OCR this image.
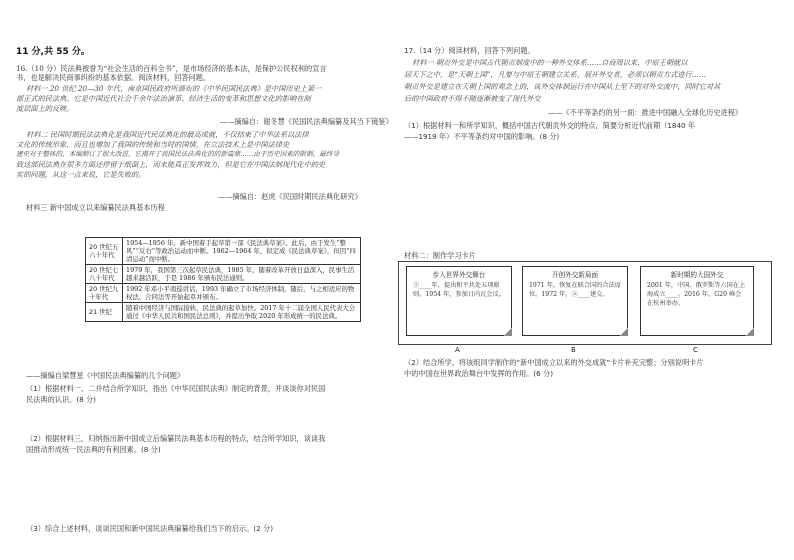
11 分,共 55 分。
16.（10 分）民法典被誉为“社会生活的百科全书”，是市场经济的基本法，是保护公民权利的宣言
书，也是解决民商事纠纷的基本依据。阅读材料，回答问题。
材料一 20 世纪 20—30 年代，南京国民政府所颁布的《中华民国民法典》是中国历史上第一
部正式的民法典。它是中国近代社会千余年法治演革、经济生活的变革和思想文化的影响在制
度层面上的反映。
——摘编自：谢冬慧《民国民法典编纂及其当下镜鉴》
材料二 民国时期民法法典化是我国近代民法典化的最高成就，不仅结束了中华法系以法律
文化的传统形象，而且也增加了我国的传统和当时的国情，在立法技术上是中国法律史
建史对于整体的，本编制订了很大改进，它揭开了我国民法法典化的的新篇章……由于历史因素的限制，最终导
致这部民法典在很多方面还停留于纸面上，而未能真正发挥效力，但是它在中国法制现代化中的史
实的问题，从这一点来说，它是失败的。
——摘编自：赵虎《民国时期民法典化研究》
材料三 新中国成立以来编纂民法典基本历程
20 世纪五六十年代	1954—1956 年，新中国着手起草第一部《民法典草案》。此后，由于发生“整风”“反右”等政治运动而中断。1962—1964 年，拟定成《民法典草案》，但因“四清运动”而中断。
20 世纪七八十年代	1979 年，我国第三次起草民法典，1985 年，随着改革开放日益深入，民事生活越来越活跃，于是 1986 年颁布民法通则。
20 世纪九十年代	1992 年邓小平南巡讲话，1993 年确立了市场经济体制，随后，与之相适应的物权法、合同法等开始起草并颁布。
21 世纪	随着中国经济与国际接轨，民法典的起草加快。2017 年十二届全国人民代表大会通过《中华人民共和国民法总则》，并提出争取 2020 年形成统一的民法典。
——摘编自梁慧星《中国民法典编纂的几个问题》
（1）根据材料一、二并结合所学知识，指出《中华民国民法典》制定的背景，并谈谈你对民国
民法典的认识。(8 分)
（2）根据材料三，归纳指出新中国成立后编纂民法典基本历程的特点，结合所学知识，谈谈我
国推动形成统一民法典的有利因素。(8 分)
（3）综合上述材料，谈谈民国和新中国民法典编纂给我们当下的启示。(2 分)
17.（14 分）阅读材料，回答下列问题。
材料一 朝贡外交是中国古代朝贡制度中的一种外交体系……自商周以来，中原王朝就以
居天下之中，是“天朝上国”，凡要与中原王朝建立关系、展开外交者，必须以朝贡方式进行……
朝贡外交是建立在天朝上国的观念上的，该外交体制运行在中国从上至下的对外交流中，同时它对其
后的中国政府不得不随逐渐被变了现代外交
——《不平等条约的另一面：推进中国融入全球化历史进程》
（1）根据材料一和所学知识，概括中国古代朝贡外交的特点，简要分析近代前期（1840 年
——1919 年）不平等条约对中国的影响。(8 分)
材料二：制作学习卡片
步入世界外交舞台
①____年，提出和平共处五项原则。1954 年，参加日内瓦会议。
开创外交新局面
1971 年，恢复在联合国的合法席位。1972 年，②____建交。
新时期的大国外交
2001 年，中国、俄罗斯等六国在上海成立____。2016 年，G20 峰会在杭州举办。
A	B	C
（2）结合所学，将该组同学制作的“新中国成立以来的外交成就”卡片补充完整；分别说明卡片
中的中国在世界政治舞台中发挥的作用。(6 分)
